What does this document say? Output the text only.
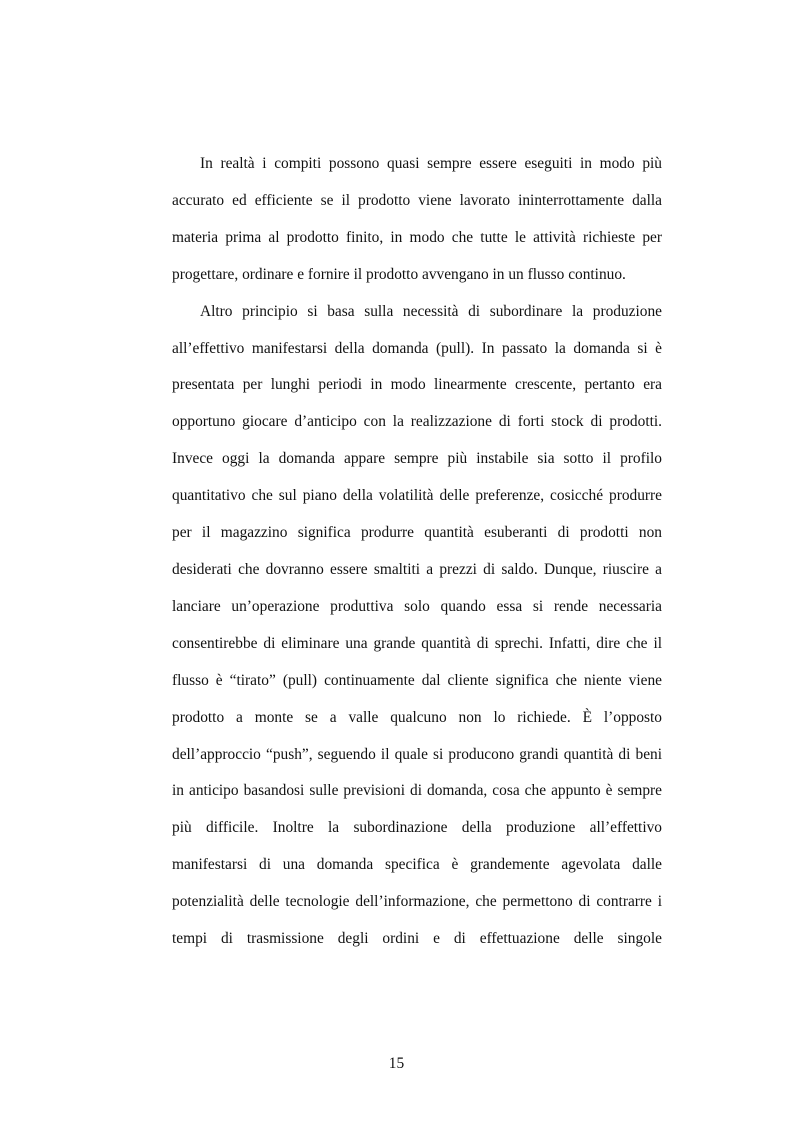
In realtà i compiti possono quasi sempre essere eseguiti in modo più accurato ed efficiente se il prodotto viene lavorato ininterrottamente dalla materia prima al prodotto finito, in modo che tutte le attività richieste per progettare, ordinare e fornire il prodotto avvengano in un flusso continuo.

Altro principio si basa sulla necessità di subordinare la produzione all’effettivo manifestarsi della domanda (pull). In passato la domanda si è presentata per lunghi periodi in modo linearmente crescente, pertanto era opportuno giocare d’anticipo con la realizzazione di forti stock di prodotti. Invece oggi la domanda appare sempre più instabile sia sotto il profilo quantitativo che sul piano della volatilità delle preferenze, cosicché produrre per il magazzino significa produrre quantità esuberanti di prodotti non desiderati che dovranno essere smaltiti a prezzi di saldo. Dunque, riuscire a lanciare un’operazione produttiva solo quando essa si rende necessaria consentirebbe di eliminare una grande quantità di sprechi. Infatti, dire che il flusso è “tirato” (pull) continuamente dal cliente significa che niente viene prodotto a monte se a valle qualcuno non lo richiede. È l’opposto dell’approccio “push”, seguendo il quale si producono grandi quantità di beni in anticipo basandosi sulle previsioni di domanda, cosa che appunto è sempre più difficile. Inoltre la subordinazione della produzione all’effettivo manifestarsi di una domanda specifica è grandemente agevolata dalle potenzialità delle tecnologie dell’informazione, che permettono di contrarre i tempi di trasmissione degli ordini e di effettuazione delle singole

15
